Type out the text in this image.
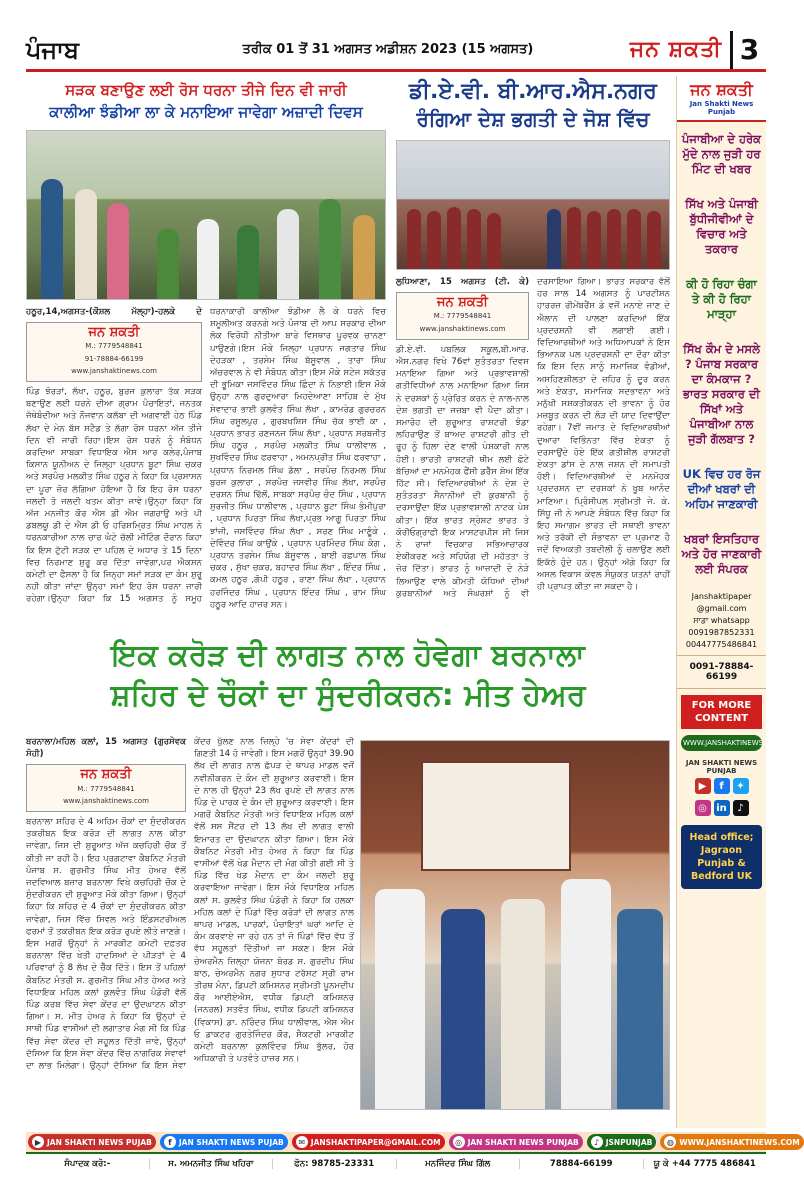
ਪੰਜਾਬ	ਤਰੀਕ 01 ਤੋਂ 31 ਅਗਸਤ ਅਡੀਸ਼ਨ 2023 (15 ਅਗਸਤ)	ਜਨ ਸ਼ਕਤੀ 3
ਸੜਕ ਬਣਾਉਣ ਲਈ ਰੋਸ ਧਰਨਾ ਤੀਜੇ ਦਿਨ ਵੀ ਜਾਰੀ
ਕਾਲੀਆ ਝੰਡੀਆ ਲਾ ਕੇ ਮਨਾਇਆ ਜਾਵੇਗਾ ਅਜ਼ਾਦੀ ਦਿਵਸ
ਹਠੂਰ,14,ਅਗਸਤ-(ਕੌਸ਼ਲ ਮੱਲ੍ਹਾ)-ਹਲਕੇ ਦੇ ਜਨ ਸ਼ਕਤੀ
M.: 7779548841
91-78884-66199
www.janshaktinews.com ਪਿੰਡ ਝੋਰੜਾਂ, ਲੱਖਾ, ਹਠੂਰ, ਬੁਰਜ ਕੁਲਾਰਾ ਤੱਕ ਸੜਕ ਬਣਾਉਣ ਲਈ ਧਰਨੇ ਦੀਆ ਗ੍ਰਾਮ ਪੰਚਾਇਤਾਂ, ਜਨਤਕ ਜੱਥੇਬੰਦੀਆ ਅਤੇ ਨੌਜਵਾਨ ਕਲੱਬਾ ਦੀ ਅਗਵਾਈ ਹੇਠ ਪਿੰਡ ਲੱਖਾ ਦੇ ਮੇਨ ਬੱਸ ਸਟੈਡ ਤੇ ਲੱਗਾ ਰੋਸ ਧਰਨਾ ਅੱਜ ਤੀਜੇ ਦਿਨ ਵੀ ਜਾਰੀ ਰਿਹਾ।ਇਸ ਰੋਸ ਧਰਨੇ ਨੂੰ ਸੰਬੋਧਨ ਕਰਦਿਆ ਸਾਬਕਾ ਵਿਧਾਇਕ ਐਸ ਆਰ ਕਲੇਰ,ਪੰਜਾਬ ਕਿਸਾਨ ਯੂਨੀਅਨ ਦੇ ਜਿਲ੍ਹਾ ਪ੍ਰਧਾਨ ਬੂਟਾ ਸਿੰਘ ਚਕਰ ਅਤੇ ਸਰਪੰਚ ਮਲਕੀਤ ਸਿੰਘ ਹਠੂਰ ਨੇ ਕਿਹਾ ਕਿ ਪ੍ਰਸਾਸਨ ਦਾ ਪੂਰਾ ਜ਼ੋਰ ਲੱਗਿਆ ਹੋਇਆ ਹੈ ਕਿ ਇਹ ਰੋਸ ਧਰਨਾ ਜਲਦੀ ਤੋ ਜਲਦੀ ਖਤਮ ਕੀਤਾ ਜਾਵੇ।ਉਨ੍ਹਾ ਕਿਹਾ ਕਿ ਅੱਜ ਮਨਜੀਤ ਕੌਰ ਐਸ ਡੀ ਐਮ ਜਗਰਾਉ ਅਤੇ ਪੀ ਡਬਲਯੂ ਡੀ ਦੇ ਐਸ ਡੀ ਓ ਹਰਿਸ਼ਮ੍ਰਿਤ ਸਿੰਘ ਮਾਹਲ ਨੇ ਧਰਨਕਾਰੀਆ ਨਾਲ ਚਾਰ ਘੰਟੇ ਚੱਲੀ ਮੀਟਿੰਗ ਦੌਰਾਨ ਕਿਹਾ ਕਿ ਇਸ ਟੁੱਟੀ ਸੜਕ ਦਾ ਪਹਿਲ ਦੇ ਅਧਾਰ ਤੇ 15 ਦਿਨਾ ਵਿਚ ਨਿਰਮਾਣ ਸ਼ੁਰੂ ਕਰ ਦਿੱਤਾ ਜਾਵੇਗਾ,ਪਰ ਐਕਸ਼ਨ ਕਮੇਟੀ ਦਾ ਫੈਸਲਾ ਹੈ ਕਿ ਜਿਨ੍ਹਾ ਸਮਾਂ ਸੜਕ ਦਾ ਕੰਮ ਸ਼ੁਰੂ ਨਹੀ ਕੀਤਾ ਜਾਂਦਾ ਉਨ੍ਹਾ ਸਮਾਂ ਇਹ ਰੋਸ ਧਰਨਾ ਜਾਰੀ ਰਹੇਗਾ।ਉਨ੍ਹਾ ਕਿਹਾ ਕਿ 15 ਅਗਸਤ ਨੂੰ ਸਮੂਹ ਧਰਨਾਕਾਰੀ ਕਾਲੀਆ ਝੰਡੀਆ ਲੈ ਕੇ ਧਰਨੇ ਵਿਚ ਸ਼ਮੂਲੀਅਤ ਕਰਨਗੇ ਅਤੇ ਪੰਜਾਬ ਦੀ ਆਪ ਸਰਕਾਰ ਦੀਆ ਲੋਕ ਵਿਰੋਧੀ ਨੀਤੀਆ ਬਾਰੇ ਵਿਸਥਾਰ ਪੂਰਵਕ ਚਾਨਣਾ ਪਾਉਣਗੇ।ਇਸ ਮੌਕੇ ਜਿਲ੍ਹਾ ਪ੍ਰਧਾਨ ਜਗਤਾਰ ਸਿੰਘ ਦੇਹੜਕਾ , ਤਰਸੇਮ ਸਿੰਘ ਬੱਸੂਵਾਲ , ਤਾਰਾ ਸਿੰਘ ਅੱਚਰਵਾਲ ਨੇ ਵੀ ਸੰਬੋਧਨ ਕੀਤਾ।ਇਸ ਮੌਕੇ ਸਟੇਜ ਸਕੱਤਰ ਦੀ ਭੂਮਿਕਾ ਜਸਵਿੰਦਰ ਸਿੰਘ ਛਿੰਦਾ ਨੇ ਨਿਭਾਈ।ਇਸ ਮੌਕੇ ਉਨ੍ਹਾ ਨਾਲ ਗੁਰਦੁਆਰਾ ਮਿਹਦੇਆਣਾ ਸਾਹਿਬ ਦੇ ਮੁੱਖ ਸੇਵਾਦਾਰ ਭਾਈ ਕੁਲਵੰਤ ਸਿੰਘ ਲੱਖਾ , ਕਾਮਰੇਡ ਗੁਰਚਰਨ ਸਿੰਘ ਰਸੂਲਪੁਰ , ਗੁਰਬਖਸ਼ਿਸ ਸਿੰਘ ਚੱਕ ਭਾਈ ਕਾ , ਪ੍ਰਧਾਨ ਭਾਰਤ ਰਣਜਨਜ ਸਿੰਘ ਲੱਖਾ , ਪ੍ਰਧਾਨ ਸਰਬਜੀਤ ਸਿੰਘ ਹਠੂਰ , ਸਰਪੰਚ ਮਲਕੀਤ ਸਿੰਘ ਧਾਲੀਵਾਲ , ਸੁਖਵਿੰਦਰ ਸਿੰਘ ਫਰਵਾਹਾ , ਅਮਨਪ੍ਰੀਤ ਸਿੰਘ ਫਰਵਾਹਾ , ਪ੍ਰਧਾਨ ਨਿਰਮਲ ਸਿੰਘ ਡੱਲਾ , ਸਰਪੰਚ ਨਿਰਮਲ ਸਿੰਘ ਬੁਰਜ ਕੁਲਾਰਾ , ਸਰਪੰਚ ਜਸਵੀਰ ਸਿੰਘ ਲੱਖਾ, ਸਰਪੰਚ ਦਰਸ਼ਨ ਸਿੰਘ ਢਿੱਲੋਂ, ਸਾਬਕਾ ਸਰਪੰਚ ਚੰਦ ਸਿੰਘ , ਪ੍ਰਧਾਨ ਸੁਰਜੀਤ ਸਿੰਘ ਧਾਲੀਵਾਲ , ਪ੍ਰਧਾਨ ਬੂਟਾ ਸਿੰਘ ਭੰਮੀਪੁਰਾ , ਪ੍ਰਧਾਨ ਪਿਰਤਾ ਸਿੰਘ ਲੱਖਾ,ਪ੍ਰਭ ਆਗੂ ਪਿਰਤਾ ਸਿੰਘ ਝਾਂਜੀ, ਜਸਵਿੰਦਰ ਸਿੰਘ ਲੱਖਾ , ਸਰਣ ਸਿੰਘ ਮਾਣੂੰਕੇ , ਦੇਵਿੰਦਰ ਸਿੰਘ ਕਾਉਂਕੇ , ਪ੍ਰਧਾਨ ਪ੍ਰਮਿੰਦਰ ਸਿੰਘ ਕੰਗ , ਪ੍ਰਧਾਨ ਤਰਸੇਮ ਸਿੰਘ ਬੱਸੂਵਾਲ , ਬਾਈ ਰਛਪਾਲ ਸਿੰਘ ਚਕਰ , ਸੁੱਖਾ ਚਕਰ, ਬਹਾਦਰ ਸਿੰਘ ਲੱਖਾ , ਇੰਦਰ ਸਿੰਘ , ਕਮਲ ਹਠੂਰ ,ਗੋਪੀ ਹਠੂਰ , ਰਾਣਾ ਸਿੰਘ ਲੱਖਾ , ਪ੍ਰਧਾਨ ਹਰਜਿੰਦਰ ਸਿੰਘ , ਪ੍ਰਧਾਨ ਇੰਦਰ ਸਿੰਘ , ਰਾਮ ਸਿੰਘ ਹਠੂਰ ਆਦਿ ਹਾਜ਼ਰ ਸਨ।
ਡੀ.ਏ.ਵੀ. ਬੀ.ਆਰ.ਐਸ.ਨਗਰ
ਰੰਗਿਆ ਦੇਸ਼ ਭਗਤੀ ਦੇ ਜੋਸ਼ ਵਿੱਚ
ਲੁਧਿਆਣਾ, 15 ਅਗਸਤ (ਟੀ. ਕੇ) ਜਨ ਸ਼ਕਤੀ
M.: 7779548841
www.janshaktinews.com ਡੀ.ਏ.ਵੀ. ਪਬਲਿਕ ਸਕੂਲ,ਬੀ.ਆਰ. ਐਸ.ਨਗਰ ਵਿਖੇ 76ਵਾਂ ਸੁਤੰਤਰਤਾ ਦਿਵਸ ਮਨਾਇਆ ਗਿਆ ਅਤੇ ਪ੍ਰਭਾਵਸ਼ਾਲੀ ਗਤੀਵਿਧੀਆਂ ਨਾਲ ਮਨਾਇਆ ਗਿਆ ਜਿਸ ਨੇ ਦਰਸ਼ਕਾਂ ਨੂੰ ਪ੍ਰੇਰਿਤ ਕਰਨ ਦੇ ਨਾਲ-ਨਾਲ ਦੇਸ਼ ਭਗਤੀ ਦਾ ਜਜ਼ਬਾ ਵੀ ਪੈਦਾ ਕੀਤਾ। ਸਮਾਰੋਹ ਦੀ ਸ਼ੁਰੂਆਤ ਰਾਸ਼ਟਰੀ ਝੰਡਾ ਲਹਿਰਾਉਣ ਤੋਂ ਬਾਅਦ ਰਾਸ਼ਟਰੀ ਗੀਤ ਦੀ ਰੂਹ ਨੂੰ ਹਿਲਾ ਦੇਣ ਵਾਲੀ ਪੇਸ਼ਕਾਰੀ ਨਾਲ ਹੋਈ। ਭਾਰਤੀ ਰਾਸ਼ਟਰੀ ਥੀਮ ਲਈ ਛੋਟੇ ਬੱਚਿਆਂ ਦਾ ਮਨਮੋਹਕ ਫੈਂਸੀ ਡਰੈੱਸ ਸ਼ੋਅ ਇੱਕ ਹਿੱਟ ਸੀ। ਵਿਦਿਆਰਥੀਆਂ ਨੇ ਦੇਸ਼ ਦੇ ਸੁਤੰਤਰਤਾ ਸੈਨਾਨੀਆਂ ਦੀ ਕੁਰਬਾਨੀ ਨੂੰ ਦਰਸਾਉਂਦਾ ਇੱਕ ਪ੍ਰਭਾਵਸ਼ਾਲੀ ਨਾਟਕ ਪੇਸ਼ ਕੀਤਾ। ਇੱਕ ਭਾਰਤ ਸ੍ਰੇਸ਼ਟ ਭਾਰਤ ਤੇ ਕੋਰੀਓਗ੍ਰਾਫੀ ਇਕ ਮਾਸਟਰਪੀਸ ਸੀ ਜਿਸ ਨੇ ਰਾਜਾਂ ਵਿਚਕਾਰ ਸਭਿਆਚਾਰਕ ਏਕੀਕਰਣ ਅਤੇ ਸਹਿਯੋਗ ਦੀ ਮਹੱਤਤਾ ਤੇ ਜ਼ੋਰ ਦਿੱਤਾ। ਭਾਰਤ ਨੂੰ ਆਜ਼ਾਦੀ ਦੇ ਨੇੜੇ ਲਿਆਉਣ ਵਾਲੇ ਕੀਮਤੀ ਯੋਧਿਆਂ ਦੀਆਂ ਕੁਰਬਾਨੀਆਂ ਅਤੇ ਸੰਘਰਸ਼ਾਂ ਨੂੰ ਵੀ ਦਰਸਾਇਆ ਗਿਆ। ਭਾਰਤ ਸਰਕਾਰ ਵੱਲੋਂ ਹਰ ਸਾਲ 14 ਅਗਸਤ ਨੂੰ ਪਾਰਟੀਸ਼ਨ ਹਾਰਰਜ਼ ਰੀਮੇਂਬਰੈਂਸ ਡੇ ਵਜੋਂ ਮਨਾਏ ਜਾਣ ਦੇ ਐਲਾਨ ਦੀ ਪਾਲਣਾ ਕਰਦਿਆਂ ਇੱਕ ਪ੍ਰਦਰਸ਼ਨੀ ਵੀ ਲਗਾਈ ਗਈ। ਵਿਦਿਆਰਥੀਆਂ ਅਤੇ ਅਧਿਆਪਕਾਂ ਨੇ ਇਸ ਭਿਆਨਕ ਪਲ ਪ੍ਰਦਰਸ਼ਨੀ ਦਾ ਦੌਰਾ ਕੀਤਾ ਕਿ ਇਸ ਦਿਨ ਸਾਨੂੰ ਸਮਾਜਿਕ ਵੰਡੀਆਂ, ਅਸਹਿਣਸ਼ੀਲਤਾ ਦੇ ਜ਼ਹਿਰ ਨੂੰ ਦੂਰ ਕਰਨ ਅਤੇ ਏਕਤਾ, ਸਮਾਜਿਕ ਸਦਭਾਵਨਾ ਅਤੇ ਮਨੁੱਖੀ ਸਸ਼ਕਤੀਕਰਨ ਦੀ ਭਾਵਨਾ ਨੂੰ ਹੋਰ ਮਜ਼ਬੂਤ ਕਰਨ ਦੀ ਲੋੜ ਦੀ ਯਾਦ ਦਿਵਾਉਂਦਾ ਰਹੇਗਾ। 7ਵੀਂ ਜਮਾਤ ਦੇ ਵਿਦਿਆਰਥੀਆਂ ਦੁਆਰਾ ਵਿਭਿੰਨਤਾ ਵਿੱਚ ਏਕਤਾ ਨੂੰ ਦਰਸਾਉਂਦੇ ਹੋਏ ਇੱਕ ਗਤੀਸ਼ੀਲ ਰਾਸ਼ਟਰੀ ਏਕਤਾ ਡਾਂਸ ਦੇ ਨਾਲ ਜਸ਼ਨ ਦੀ ਸਮਾਪਤੀ ਹੋਈ। ਵਿਦਿਆਰਥੀਆਂ ਦੇ ਮਨਮੋਹਕ ਪ੍ਰਦਰਸ਼ਨ ਦਾ ਦਰਸ਼ਕਾਂ ਨੇ ਖੂਬ ਆਨੰਦ ਮਾਣਿਆ। ਪ੍ਰਿੰਸੀਪਲ ਸ੍ਰੀਮਤੀ ਜੇ. ਕੇ. ਸਿੱਧੂ ਜੀ ਨੇ ਆਪਣੇ ਸੰਬੋਧਨ ਵਿੱਚ ਕਿਹਾ ਕਿ ਇਹ ਸਮਾਗਮ ਭਾਰਤ ਦੀ ਸਥਾਈ ਭਾਵਨਾ ਅਤੇ ਤਰੱਕੀ ਦੀ ਸੰਭਾਵਨਾ ਦਾ ਪ੍ਰਮਾਣ ਹੈ ਜਦੋਂ ਵਿਅਕਤੀ ਤਬਦੀਲੀ ਨੂੰ ਚਲਾਉਣ ਲਈ ਇਕੱਠੇ ਹੁੰਦੇ ਹਨ। ਉਨ੍ਹਾਂ ਅੱਗੇ ਕਿਹਾ ਕਿ ਅਸਲ ਵਿਕਾਸ ਕੇਵਲ ਸੰਯੁਕਤ ਯਤਨਾਂ ਰਾਹੀਂ ਹੀ ਪ੍ਰਾਪਤ ਕੀਤਾ ਜਾ ਸਕਦਾ ਹੈ।
ਇਕ ਕਰੋੜ ਦੀ ਲਾਗਤ ਨਾਲ ਹੋਵੇਗਾ ਬਰਨਾਲਾ
ਸ਼ਹਿਰ ਦੇ ਚੌਕਾਂ ਦਾ ਸੁੰਦਰੀਕਰਨ: ਮੀਤ ਹੇਅਰ
ਬਰਨਾਲਾ/ਮਹਿਲ ਕਲਾਂ, 15 ਅਗਸਤ (ਗੁਰਸੇਵਕ ਸੋਹੀ) ਜਨ ਸ਼ਕਤੀ
M.: 7779548841
www.janshaktinews.com ਬਰਨਾਲਾ ਸ਼ਹਿਰ ਦੇ 4 ਅਹਿਮ ਚੌਕਾਂ ਦਾ ਸੁੰਦਰੀਕਰਨ ਤਕਰੀਬਨ ਇਕ ਕਰੋੜ ਦੀ ਲਾਗਤ ਨਾਲ ਕੀਤਾ ਜਾਵੇਗਾ, ਜਿਸ ਦੀ ਸ਼ੁਰੂਆਤ ਅੱਜ ਕਚਹਿਰੀ ਚੌਕ ਤੋਂ ਕੀਤੀ ਜਾ ਰਹੀ ਹੈ। ਇਹ ਪ੍ਰਗਟਾਵਾ ਕੈਬਨਿਟ ਮੰਤਰੀ ਪੰਜਾਬ ਸ. ਗੁਰਮੀਤ ਸਿੰਘ ਮੀਤ ਹੇਅਰ ਵੱਲੋਂ ਜਦਵਿਆਲ ਬਜ਼ਾਰ ਬਰਨਾਲਾ ਵਿਖੇ ਕਚਹਿਰੀ ਚੌਕ ਦੇ ਸੁੰਦਰੀਕਰਨ ਦੀ ਸ਼ੁਰੂਆਤ ਮੌਕੇ ਕੀਤਾ ਗਿਆ। ਉਨ੍ਹਾਂ ਕਿਹਾ ਕਿ ਸ਼ਹਿਰ ਦੇ 4 ਚੌਕਾਂ ਦਾ ਸੁੰਦਰੀਕਰਨ ਕੀਤਾ ਜਾਵੇਗਾ, ਜਿਸ ਵਿੱਚ ਸਿਵਲ ਅਤੇ ਇੰਡਸਟਰੀਅਲ ਫਰਮਾਂ ਤੋਂ ਤਕਰੀਬਨ ਇਕ ਕਰੋੜ ਰੁਪਏ ਲੀਤੇ ਜਾਣਗੇ। ਇਸ ਮਗਰੋਂ ਉਨ੍ਹਾਂ ਨੇ ਮਾਰਕੀਟ ਕਮੇਟੀ ਦਫ਼ਤਰ ਬਰਨਾਲਾ ਵਿੱਚ ਖੇਤੀ ਹਾਦਸਿਆਂ ਦੇ ਪੀੜਤਾਂ ਦੇ 4 ਪਰਿਵਾਰਾਂ ਨੂੰ 8 ਲੱਖ ਦੇ ਚੈੱਕ ਦਿੱਤੇ। ਇਸ ਤੋਂ ਪਹਿਲਾਂ ਕੈਬਨਿਟ ਮੰਤਰੀ ਸ. ਗੁਰਮੀਤ ਸਿੰਘ ਮੀਤ ਹੇਅਰ ਅਤੇ ਵਿਧਾਇਕ ਮਹਿਲ ਕਲਾਂ ਕੁਲਵੰਤ ਸਿੰਘ ਪੰਡੋਰੀ ਵੱਲੋਂ ਪਿੰਡ ਕਰਬ ਵਿੱਚ ਸੇਵਾ ਕੇਂਦਰ ਦਾ ਉਦਘਾਟਨ ਕੀਤਾ ਗਿਆ। ਸ. ਮੀਤ ਹੇਅਰ ਨੇ ਕਿਹਾ ਕਿ ਉਨ੍ਹਾਂ ਦੇ ਸਾਥੀ ਪਿੰਡ ਵਾਸੀਆਂ ਦੀ ਲਗਾਤਾਰ ਮੰਗ ਸੀ ਕਿ ਪਿੰਡ ਵਿੱਚ ਸੇਵਾ ਕੇਂਦਰ ਦੀ ਸਹੂਲਤ ਦਿੱਤੀ ਜਾਵੇ, ਉਨ੍ਹਾਂ ਦੱਸਿਆ ਕਿ ਇਸ ਸੇਵਾ ਕੇਂਦਰ ਵਿੱਚ ਨਾਗਰਿਕ ਸੇਵਾਵਾਂ ਦਾ ਲਾਭ ਮਿਲੇਗਾ। ਉਨ੍ਹਾਂ ਦੱਸਿਆ ਕਿ ਇਸ ਸੇਵਾ ਕੇਂਦਰ ਖੁੱਲਣ ਨਾਲ ਜ਼ਿਲ੍ਹੇ 'ਚ ਸੇਵਾ ਕੇਂਦਰਾਂ ਦੀ ਗਿਣਤੀ 14 ਹੋ ਜਾਵੇਗੀ। ਇਸ ਮਗਰੋਂ ਉਨ੍ਹਾਂ 39.90 ਲੱਖ ਦੀ ਲਾਗਤ ਨਾਲ ਛੱਪੜ ਦੇ ਥਾਪਰ ਮਾਡਲ ਵਜੋਂ ਨਵੀਨੀਕਰਨ ਦੇ ਕੰਮ ਦੀ ਸ਼ੁਰੂਆਤ ਕਰਵਾਈ। ਇਸ ਦੇ ਨਾਲ ਹੀ ਉਨ੍ਹਾਂ 23 ਲੱਖ ਰੁਪਏ ਦੀ ਲਾਗਤ ਨਾਲ ਪਿੰਡ ਦੇ ਪਾਰਕ ਦੇ ਕੰਮ ਦੀ ਸ਼ੁਰੂਆਤ ਕਰਵਾਈ। ਇਸ ਮਗਰੋਂ ਕੈਬਨਿਟ ਮੰਤਰੀ ਅਤੇ ਵਿਧਾਇਕ ਮਹਿਲ ਕਲਾਂ ਵੱਲੋਂ ਸਸ ਸੈਂਟਰ ਦੀ 13 ਲੱਖ ਦੀ ਲਾਗਤ ਵਾਲੀ ਇਮਾਰਤ ਦਾ ਉਦਘਾਟਨ ਕੀਤਾ ਗਿਆ। ਇਸ ਮੌਕੇ ਕੈਬਨਿਟ ਮੰਤਰੀ ਮੀਤ ਹੇਅਰ ਨੇ ਕਿਹਾ ਕਿ ਪਿੰਡ ਵਾਸੀਆਂ ਵੱਲੋਂ ਖੇਡ ਮੈਦਾਨ ਦੀ ਮੰਗ ਕੀਤੀ ਗਈ ਸੀ ਤੇ ਪਿੰਡ ਵਿੱਚ ਖੇਡ ਮੈਦਾਨ ਦਾ ਕੰਮ ਜਲਦੀ ਸ਼ੁਰੂ ਕਰਵਾਇਆ ਜਾਵੇਗਾ। ਇਸ ਮੌਕੇ ਵਿਧਾਇਕ ਮਹਿਲ ਕਲਾਂ ਸ. ਕੁਲਵੰਤ ਸਿੰਘ ਪੰਡੋਰੀ ਨੇ ਕਿਹਾ ਕਿ ਹਲਕਾ ਮਹਿਲ ਕਲਾਂ ਦੇ ਪਿੰਡਾਂ ਵਿੱਚ ਕਰੋੜਾਂ ਦੀ ਲਾਗਤ ਨਾਲ ਥਾਪਰ ਮਾਡਲ, ਪਾਰਕਾਂ, ਪੰਚਾਇਤਾਂ ਘਰਾਂ ਆਦਿ ਦੇ ਕੰਮ ਕਰਵਾਏ ਜਾ ਰਹੇ ਹਨ ਤਾਂ ਜੋ ਪਿੰਡਾਂ ਵਿੱਚ ਵੱਧ ਤੋਂ ਵੱਧ ਸਹੂਲਤਾਂ ਦਿੱਤੀਆਂ ਜਾ ਸਕਣ। ਇਸ ਮੌਕੇ ਚੇਅਰਮੈਨ ਜ਼ਿਲ੍ਹਾ ਯੋਜਨਾ ਬੋਰਡ ਸ. ਗੁਰਦੀਪ ਸਿੰਘ ਬਾਠ, ਚੇਅਰਮੈਨ ਨਗਰ ਸੁਧਾਰ ਟਰੱਸਟ ਸ੍ਰੀ ਰਾਮ ਤੀਰਥ ਮੰਨਾ, ਡਿਪਟੀ ਕਮਿਸ਼ਨਰ ਸ੍ਰੀਮਤੀ ਪੂਨਮਦੀਪ ਕੌਰ ਆਈਏਐਸ, ਵਧੀਕ ਡਿਪਟੀ ਕਮਿਸ਼ਨਰ (ਜਨਰਲ) ਸਤਵੰਤ ਸਿੰਘ, ਵਧੀਕ ਡਿਪਟੀ ਕਮਿਸ਼ਨਰ (ਵਿਕਾਸ) ਡਾ. ਨਰਿੰਦਰ ਸਿੰਘ ਧਾਲੀਵਾਲ, ਐਸ ਐਮ ਓ ਡਾਕਟਰ ਗੁਰਤੇਜਿੰਦਰ ਕੌਰ, ਸੈਕਟਰੀ ਮਾਰਕੀਟ ਕਮੇਟੀ ਬਰਨਾਲਾ ਕੁਲਵਿੰਦਰ ਸਿੰਘ ਭੁੱਲਰ, ਹੋਰ ਅਧਿਕਾਰੀ ਤੇ ਪਤਵੰਤੇ ਹਾਜ਼ਰ ਸਨ।
ਜਨ ਸ਼ਕਤੀ
Jan Shakti News Punjab
ਪੰਜਾਬੀਆ ਦੇ ਹਰੇਕ ਮੁੱਦੇ ਨਾਲ ਜੁੜੀ ਹਰ ਮਿੰਟ ਦੀ ਖਬਰ
ਸਿੱਖ ਅਤੇ ਪੰਜਾਬੀ ਬੁੱਧੀਜੀਵੀਆਂ ਦੇ ਵਿਚਾਰ ਅਤੇ ਤਕਰਾਰ
ਕੀ ਹੋ ਰਿਹਾ ਚੰਗਾ ਤੇ ਕੀ ਹੋ ਰਿਹਾ ਮਾੜ੍ਹਾ
ਸਿੱਖ ਕੌਮ ਦੇ ਮਸਲੇ ? ਪੰਜਾਬ ਸਰਕਾਰ ਦਾ ਕੰਮਕਾਜ ? ਭਾਰਤ ਸਰਕਾਰ ਦੀ ਸਿੱਖਾਂ ਅਤੇ ਪੰਜਾਬੀਆ ਨਾਲ ਜੁੜੀ ਗੱਲਬਾਤ ?
UK ਵਿਚ ਹਰ ਰੋਜ ਦੀਆਂ ਖਬਰਾਂ ਦੀ ਅਹਿਮ ਜਾਣਕਾਰੀ
ਖਬਰਾਂ ਇਸਤਿਹਾਰ ਅਤੇ ਹੋਰ ਜਾਣਕਾਰੀ ਲਈ ਸੰਪਰਕ
Janshaktipaper @gmail.com
ਸਾਡਾ whatsapp
0091987852331
00447775486841
0091-78884-66199
FOR MORE CONTENT
WWW.JANSHAKTINEWS.COM
JAN SHAKTI NEWS PUNJAB
▶	f	✦
◎ in	♪
Head office; Jagraon Punjab & Bedford UK
▶ JAN SHAKTI NEWS PUJAB	f JAN SHAKTI NEWS PUJAB	✉ JANSHAKTIPAPER@GMAIL.COM	◎ JAN SHAKTI NEWS PUNJAB	♪ JSNPUNJAB	◍ WWW.JANSHAKTINEWS.COM
ਸੰਪਾਦਕ ਕਰੋ:-	ਸ. ਅਮਨਜੀਤ ਸਿੰਘ ਖਹਿਰਾ	ਫੋਨ: 98785-23331	ਮਨਜਿੰਦਰ ਸਿੰਘ ਗਿੱਲ	78884-66199	ਯੂ ਕੇ +44 7775 486841
